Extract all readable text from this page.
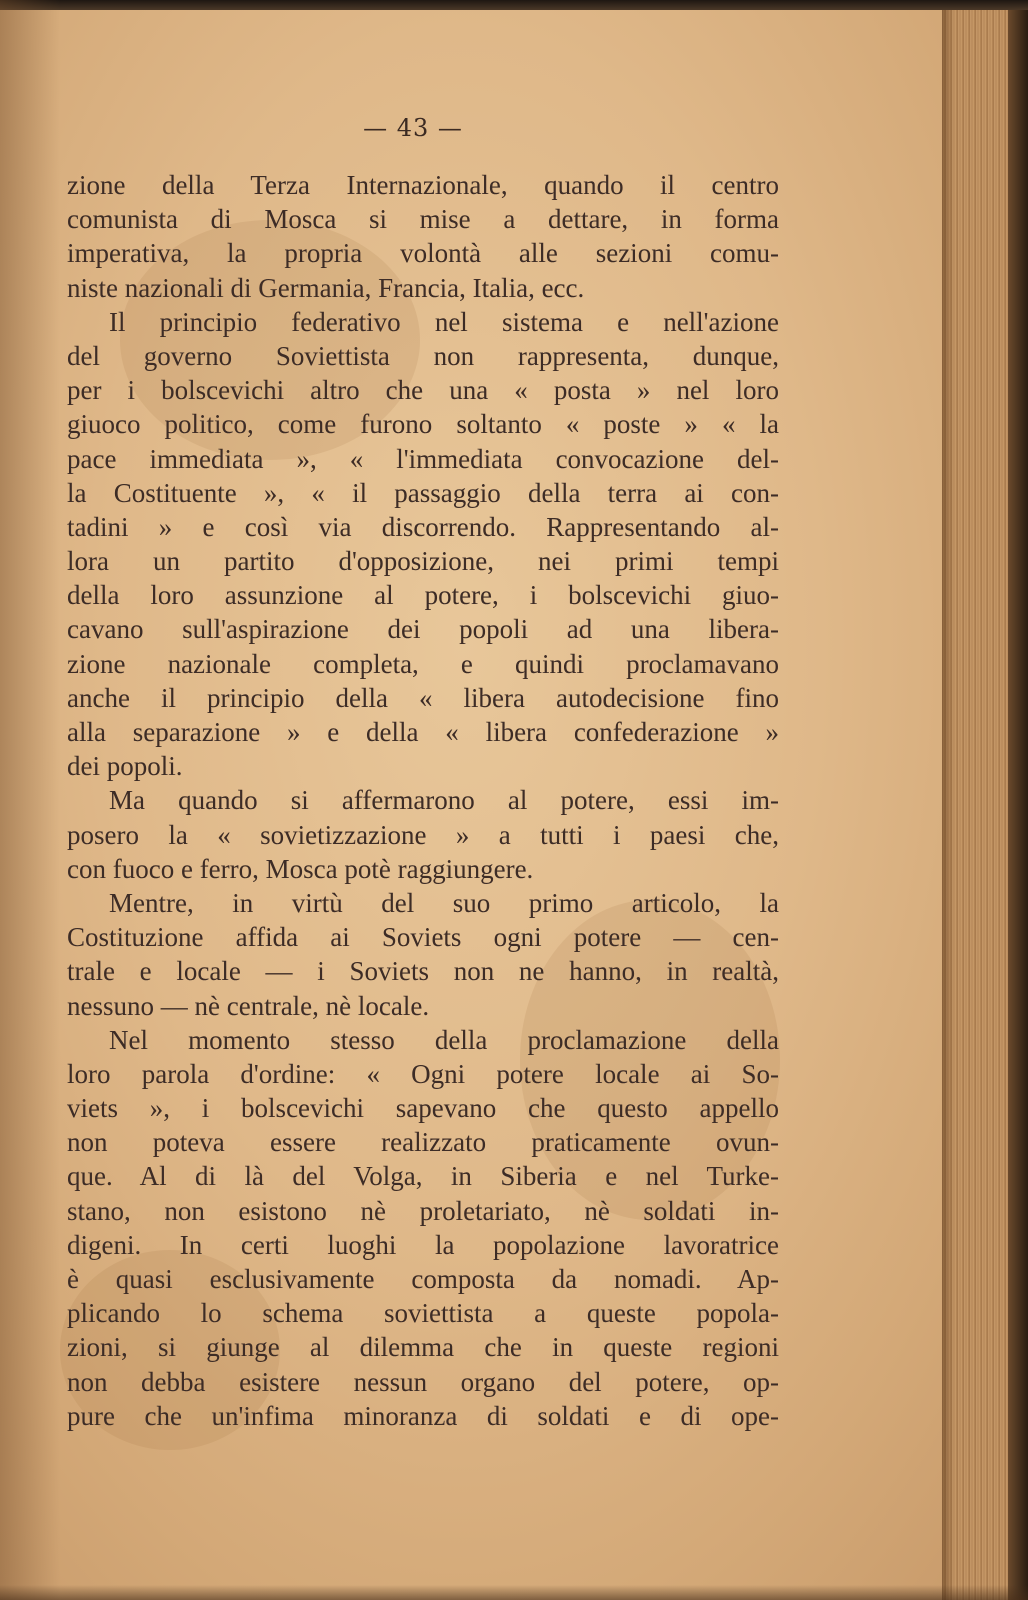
— 43 —
zione della Terza Internazionale, quando il centro
comunista di Mosca si mise a dettare, in forma
imperativa, la propria volontà alle sezioni comu-
niste nazionali di Germania, Francia, Italia, ecc.
Il principio federativo nel sistema e nell'azione
del governo Soviettista non rappresenta, dunque,
per i bolscevichi altro che una « posta » nel loro
giuoco politico, come furono soltanto « poste » « la
pace immediata », « l'immediata convocazione del-
la Costituente », « il passaggio della terra ai con-
tadini » e così via discorrendo. Rappresentando al-
lora un partito d'opposizione, nei primi tempi
della loro assunzione al potere, i bolscevichi giuo-
cavano sull'aspirazione dei popoli ad una libera-
zione nazionale completa, e quindi proclamavano
anche il principio della « libera autodecisione fino
alla separazione » e della « libera confederazione »
dei popoli.
Ma quando si affermarono al potere, essi im-
posero la « sovietizzazione » a tutti i paesi che,
con fuoco e ferro, Mosca potè raggiungere.
Mentre, in virtù del suo primo articolo, la
Costituzione affida ai Soviets ogni potere — cen-
trale e locale — i Soviets non ne hanno, in realtà,
nessuno — nè centrale, nè locale.
Nel momento stesso della proclamazione della
loro parola d'ordine: « Ogni potere locale ai So-
viets », i bolscevichi sapevano che questo appello
non poteva essere realizzato praticamente ovun-
que. Al di là del Volga, in Siberia e nel Turke-
stano, non esistono nè proletariato, nè soldati in-
digeni. In certi luoghi la popolazione lavoratrice
è quasi esclusivamente composta da nomadi. Ap-
plicando lo schema soviettista a queste popola-
zioni, si giunge al dilemma che in queste regioni
non debba esistere nessun organo del potere, op-
pure che un'infima minoranza di soldati e di ope-
